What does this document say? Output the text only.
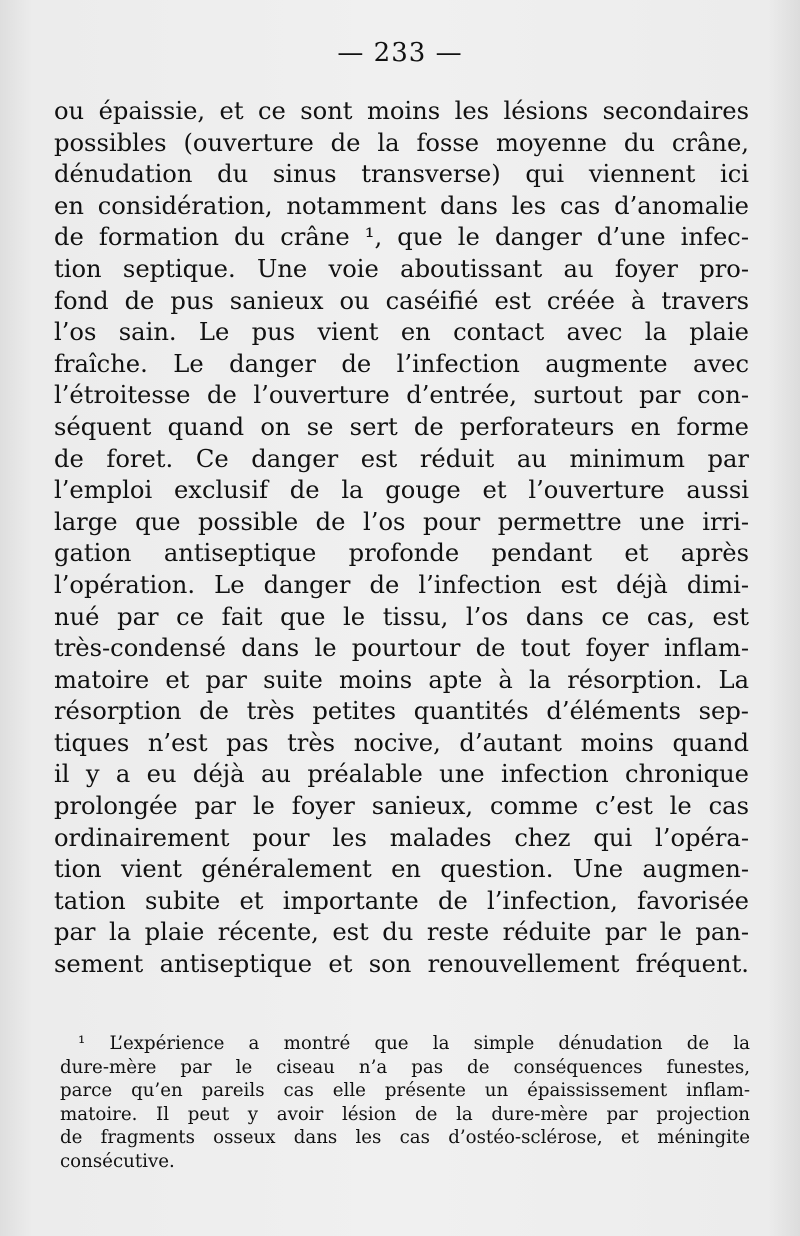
— 233 —
ou épaissie, et ce sont moins les lésions secondaires
possibles (ouverture de la fosse moyenne du crâne,
dénudation du sinus transverse) qui viennent ici
en considération, notamment dans les cas d’anomalie
de formation du crâne ¹, que le danger d’une infec-
tion septique. Une voie aboutissant au foyer pro-
fond de pus sanieux ou caséifié est créée à travers
l’os sain. Le pus vient en contact avec la plaie
fraîche. Le danger de l’infection augmente avec
l’étroitesse de l’ouverture d’entrée, surtout par con-
séquent quand on se sert de perforateurs en forme
de foret. Ce danger est réduit au minimum par
l’emploi exclusif de la gouge et l’ouverture aussi
large que possible de l’os pour permettre une irri-
gation antiseptique profonde pendant et après
l’opération. Le danger de l’infection est déjà dimi-
nué par ce fait que le tissu, l’os dans ce cas, est
très-condensé dans le pourtour de tout foyer inflam-
matoire et par suite moins apte à la résorption. La
résorption de très petites quantités d’éléments sep-
tiques n’est pas très nocive, d’autant moins quand
il y a eu déjà au préalable une infection chronique
prolongée par le foyer sanieux, comme c’est le cas
ordinairement pour les malades chez qui l’opéra-
tion vient généralement en question. Une augmen-
tation subite et importante de l’infection, favorisée
par la plaie récente, est du reste réduite par le pan-
sement antiseptique et son renouvellement fréquent.
¹ L’expérience a montré que la simple dénudation de la
dure-mère par le ciseau n’a pas de conséquences funestes,
parce qu’en pareils cas elle présente un épaississement inflam-
matoire. Il peut y avoir lésion de la dure-mère par projection
de fragments osseux dans les cas d’ostéo-sclérose, et méningite
consécutive.
